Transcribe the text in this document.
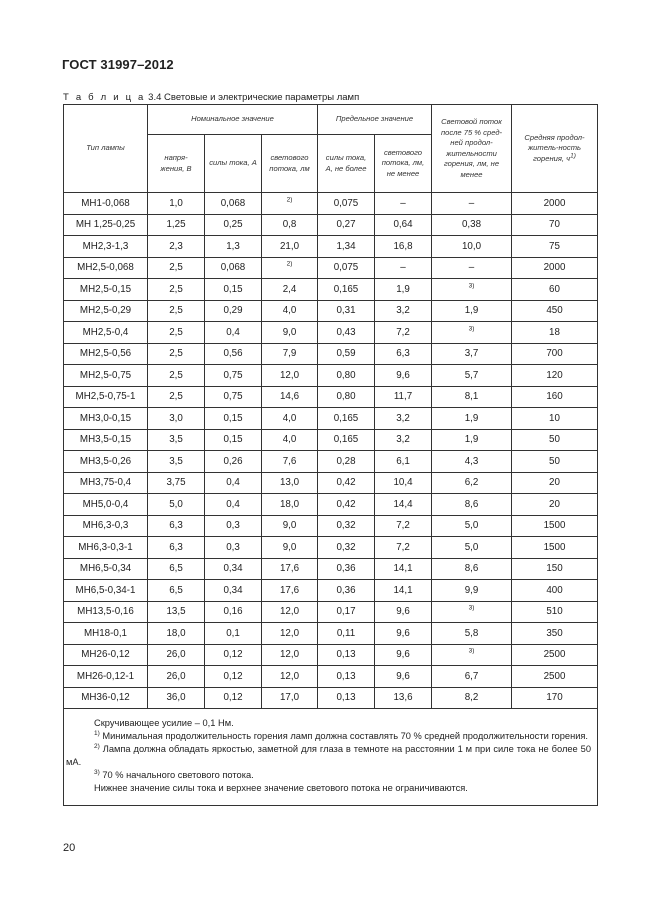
ГОСТ 31997–2012
Т а б л и ц а 3.4 Световые и электрические параметры ламп
Тип лампы	Номинальное значение			Предельное значение		Световой поток после 75 % сред-ней продол-жительности горения, лм, не менее	Средняя продол-житель-ность горения, ч1)
	напря-жения, В	силы тока, А	светового потока, лм	силы тока, А, не более	светового потока, лм, не менее		
МН1-0,068	1,0	0,068	$^{2)}$	0,075	–	–	2000
МН 1,25-0,25	1,25	0,25	0,8	0,27	0,64	0,38	70
МН2,3-1,3	2,3	1,3	21,0	1,34	16,8	10,0	75
МН2,5-0,068	2,5	0,068	$^{2)}$	0,075	–	–	2000
МН2,5-0,15	2,5	0,15	2,4	0,165	1,9	$^{3)}$	60
МН2,5-0,29	2,5	0,29	4,0	0,31	3,2	1,9	450
МН2,5-0,4	2,5	0,4	9,0	0,43	7,2	$^{3)}$	18
МН2,5-0,56	2,5	0,56	7,9	0,59	6,3	3,7	700
МН2,5-0,75	2,5	0,75	12,0	0,80	9,6	5,7	120
МН2,5-0,75-1	2,5	0,75	14,6	0,80	11,7	8,1	160
МН3,0-0,15	3,0	0,15	4,0	0,165	3,2	1,9	10
МН3,5-0,15	3,5	0,15	4,0	0,165	3,2	1,9	50
МН3,5-0,26	3,5	0,26	7,6	0,28	6,1	4,3	50
МН3,75-0,4	3,75	0,4	13,0	0,42	10,4	6,2	20
МН5,0-0,4	5,0	0,4	18,0	0,42	14,4	8,6	20
МН6,3-0,3	6,3	0,3	9,0	0,32	7,2	5,0	1500
МН6,3-0,3-1	6,3	0,3	9,0	0,32	7,2	5,0	1500
МН6,5-0,34	6,5	0,34	17,6	0,36	14,1	8,6	150
МН6,5-0,34-1	6,5	0,34	17,6	0,36	14,1	9,9	400
МН13,5-0,16	13,5	0,16	12,0	0,17	9,6	$^{3)}$	510
МН18-0,1	18,0	0,1	12,0	0,11	9,6	5,8	350
МН26-0,12	26,0	0,12	12,0	0,13	9,6	$^{3)}$	2500
МН26-0,12-1	26,0	0,12	12,0	0,13	9,6	6,7	2500
МН36-0,12	36,0	0,12	17,0	0,13	13,6	8,2	170

Скручивающее усилие – 0,1 Нм.
$^{1)}$ Минимальная продолжительность горения ламп должна составлять 70 % средней продолжительности горения.
$^{2)}$ Лампа должна обладать яркостью, заметной для глаза в темноте на расстоянии 1 м при силе тока не более 50 мА.
$^{3)}$ 70 % начального светового потока.
Нижнее значение силы тока и верхнее значение светового потока не ограничиваются.							
20
